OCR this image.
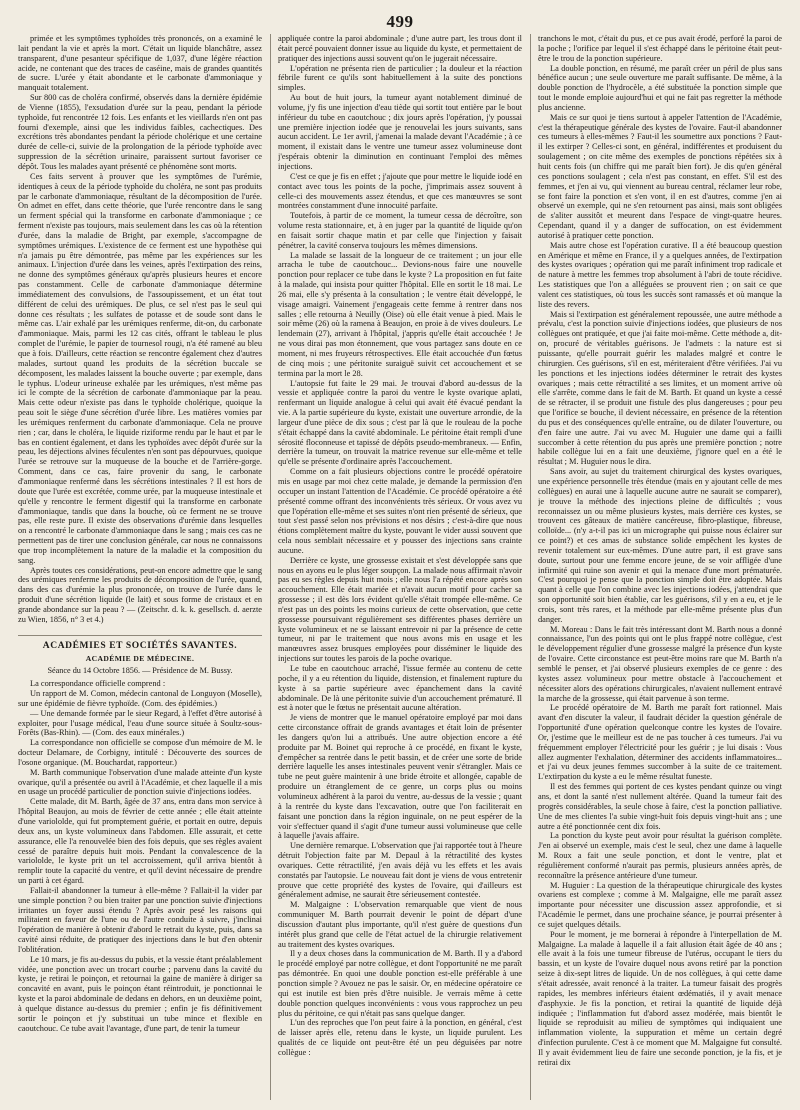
499

primée et les symptômes typhoïdes très prononcés, on a examiné le lait pendant la vie et après la mort. C'était un liquide blanchâtre, assez transparent, d'une pesanteur spécifique de 1,037, d'une légère réaction acide, ne contenant que des traces de caséine, mais de grandes quantités de sucre. L'urée y était abondante et le carbonate d'ammoniaque y manquait totalement.

Sur 800 cas de choléra confirmé, observés dans la dernière épidémie de Vienne (1855), l'exsudation d'urée sur la peau, pendant la période typhoïde, fut rencontrée 12 fois. Les enfants et les vieillards n'en ont pas fourni d'exemple, ainsi que les individus faibles, cachectiques. Des excrétions très abondantes pendant la période cholérique et une certaine durée de celle-ci, suivie de la prolongation de la période typhoïde avec suppression de la sécrétion urinaire, paraissent surtout favoriser ce dépôt. Tous les malades ayant présenté ce phénomène sont morts.

Ces faits servent à prouver que les symptômes de l'urémie, identiques à ceux de la période typhoïde du choléra, ne sont pas produits par le carbonate d'ammoniaque, résultant de la décomposition de l'urée. On admet en effet, dans cette théorie, que l'urée rencontre dans le sang un ferment spécial qui la transforme en carbonate d'ammoniaque ; ce ferment n'existe pas toujours, mais seulement dans les cas où la rétention d'urée, dans la maladie de Bright, par exemple, s'accompagne de symptômes urémiques. L'existence de ce ferment est une hypothèse qui n'a jamais pu être démontrée, pas même par les expériences sur les animaux. L'injection d'urée dans les veines, après l'extirpation des reins, ne donne des symptômes généraux qu'après plusieurs heures et encore pas constamment. Celle de carbonate d'ammoniaque détermine immédiatement des convulsions, de l'assoupissement, et un état tout différent de celui des urémiques. De plus, ce sel n'est pas le seul qui donne ces résultats ; les sulfates de potasse et de soude sont dans le même cas. L'air exhalé par les urémiques renferme, dit-on, du carbonate d'ammoniaque. Mais, parmi les 12 cas cités, offrant le tableau le plus complet de l'urémie, le papier de tournesol rougi, n'a été ramené au bleu que à fois. D'ailleurs, cette réaction se rencontre également chez d'autres malades, surtout quand les produits de la sécrétion buccale se décomposent, les malades laissent la bouche ouverte ; par exemple, dans le typhus. L'odeur urineuse exhalée par les urémiques, n'est même pas ici le compte de la sécrétion de carbonate d'ammoniaque par la peau. Mais cette odeur n'existe pas dans le typhoïde cholérique, quoique la peau soit le siège d'une sécrétion d'urée libre. Les matières vomies par les urémiques renferment du carbonate d'ammoniaque. Cela ne prouve rien ; car, dans le choléra, le liquide riziforme rendu par le haut et par le bas en contient également, et dans les typhoïdes avec dépôt d'urée sur la peau, les déjections alvines féculentes n'en sont pas dépourvues, quoique l'urée se retrouve sur la muqueuse de la bouche et de l'arrière-gorge. Comment, dans ce cas, faire provenir du sang, le carbonate d'ammoniaque renfermé dans les sécrétions intestinales ? Il est hors de doute que l'urée est excrétée, comme urée, par la muqueuse intestinale et qu'elle y rencontre le ferment digestif qui la transforme en carbonate d'ammoniaque, tandis que dans la bouche, où ce ferment ne se trouve pas, elle reste pure. Il existe des observations d'urémie dans lesquelles on a rencontré le carbonate d'ammoniaque dans le sang ; mais ces cas ne permettent pas de tirer une conclusion générale, car nous ne connaissons que trop incomplètement la nature de la maladie et la composition du sang.

Après toutes ces considérations, peut-on encore admettre que le sang des urémiques renferme les produits de décomposition de l'urée, quand, dans des cas d'urémie la plus prononcée, on trouve de l'urée dans le produit d'une sécrétion liquide (le lait) et sous forme de cristaux et en grande abondance sur la peau ? — (Zeitschr. d. k. k. gesellsch. d. aerzte zu Wien, 1856, n° 3 et 4.)

ACADÉMIES ET SOCIÉTÉS SAVANTES.
ACADÉMIE DE MÉDECINE.
Séance du 14 Octobre 1856. — Présidence de M. Bussy.

La correspondance officielle comprend :

Un rapport de M. Comon, médecin cantonal de Longuyon (Moselle), sur une épidémie de fièvre typhoïde. (Com. des épidémies.)

— Une demande formée par le sieur Regard, à l'effet d'être autorisé à exploiter, pour l'usage médical, l'eau d'une source située à Soultz-sous-Forêts (Bas-Rhin). — (Com. des eaux minérales.)

La correspondance non officielle se compose d'un mémoire de M. le docteur Delamare, de Corbigny, intitulé : Découverte des sources de l'osone organique. (M. Bouchardat, rapporteur.)

M. Barth communique l'observation d'une malade atteinte d'un kyste ovarique, qu'il a présentée ou avril à l'Académie, et chez laquelle il a mis en usage un procédé particulier de ponction suivie d'injections iodées.

Cette malade, dit M. Barth, âgée de 37 ans, entra dans mon service à l'hôpital Beaujon, au mois de février de cette année ; elle était atteinte d'une variololde, qui fut promptement guérie, et portait en outre, depuis deux ans, un kyste volumineux dans l'abdomen. Elle assurait, et cette assurance, elle l'a renouvelée bien des fois depuis, que ses règles avaient cessé de paraître depuis huit mois. Pendant la convalescence de la variololde, le kyste prit un tel accroissement, qu'il arriva bientôt à remplir toute la capacité du ventre, et qu'il devint nécessaire de prendre un parti à cet égard.

Fallait-il abandonner la tumeur à elle-même ? Fallait-il la vider par une simple ponction ? ou bien traiter par une ponction suivie d'injections irritantes un foyer aussi étendu ? Après avoir pesé les raisons qui militaient en faveur de l'une ou de l'autre conduite à suivre, j'inclinai l'opération de manière à obtenir d'abord le retrait du kyste, puis, dans sa cavité ainsi réduite, de pratiquer des injections dans le but d'en obtenir l'oblitération.

Le 10 mars, je fis au-dessus du pubis, et la vessie étant préalablement vidée, une ponction avec un trocart courbe ; parvenu dans la cavité du kyste, je retirai le poinçon, et retournai la gaine de manière à diriger sa concavité en avant, puis le poinçon étant réintroduit, je ponctionnai le kyste et la paroi abdominale de dedans en dehors, en un deuxième point, à quelque distance au-dessus du premier ; enfin je fis définitivement sortir le poinçon et j'y substituai un tube mince et flexible en caoutchouc. Ce tube avait l'avantage, d'une part, de tenir la tumeur

appliquée contre la paroi abdominale ; d'une autre part, les trous dont il était percé pouvaient donner issue au liquide du kyste, et permettaient de pratiquer des injections aussi souvent qu'on le jugerait nécessaire.

L'opération ne présenta rien de particulier ; la douleur et la réaction fébrile furent ce qu'ils sont habituellement à la suite des ponctions simples.

Au bout de huit jours, la tumeur ayant notablement diminué de volume, j'y fis une injection d'eau tiède qui sortit tout entière par le bout inférieur du tube en caoutchouc ; dix jours après l'opération, j'y poussai une première injection iodée que je renouvelai les jours suivants, sans aucun accident. Le 1er avril, j'amenai la malade devant l'Académie ; à ce moment, il existait dans le ventre une tumeur assez volumineuse dont j'espérais obtenir la diminution en continuant l'emploi des mêmes injections.

C'est ce que je fis en effet ; j'ajoute que pour mettre le liquide iodé en contact avec tous les points de la poche, j'imprimais assez souvent à celle-ci des mouvements assez étendus, et que ces manœuvres se sont montrées constamment d'une innocuité parfaite.

Toutefois, à partir de ce moment, la tumeur cessa de décroître, son volume resta stationnaire, et, à en juger par la quantité de liquide qu'on en faisait sortir chaque matin et par celle que l'injection y faisait pénétrer, la cavité conserva toujours les mêmes dimensions.

La malade se lassait de la longueur de ce traitement ; un jour elle arracha le tube de caoutchouc... Devions-nous faire une nouvelle ponction pour replacer ce tube dans le kyste ? La proposition en fut faite à la malade, qui insista pour quitter l'hôpital. Elle en sortit le 18 mai. Le 26 mai, elle s'y présenta à la consultation ; le ventre était développé, le visage amaigri. Vainement j'engageais cette femme à rentrer dans nos salles ; elle retourna à Neuilly (Oise) où elle était venue à pied. Mais le soir même (26) où la ramena à Beaujon, en proie à de vives douleurs. Le lendemain (27), arrivant à l'hôpital, j'appris qu'elle était accouchée ! Je ne vous dirai pas mon étonnement, que vous partagez sans doute en ce moment, ni mes fruyeurs rétrospectives. Elle était accouchée d'un fœtus de cinq mois ; une péritonite suraiguë suivit cet accouchement et se termina par la mort le 28.

L'autopsie fut faite le 29 mai. Je trouvai d'abord au-dessus de la vessie et appliquée contre la paroi du ventre le kyste ovarique aplati, renfermant un liquide analogue à celui qui avait été évacué pendant la vie. A la partie supérieure du kyste, existait une ouverture arrondie, de la largeur d'une pièce de dix sous ; c'est par là que le rouleau de la poche s'était échappé dans la cavité abdominale. Le péritoine était rempli d'une sérosité floconneuse et tapissé de dépôts pseudo-membraneux. — Enfin, derrière la tumeur, on trouvait la matrice revenue sur elle-même et telle qu'elle se présente d'ordinaire après l'accouchement.

Comme on a fait plusieurs objections contre le procédé opératoire mis en usage par moi chez cette malade, je demande la permission d'en occuper un instant l'attention de l'Académie. Ce procédé opératoire a été présenté comme offrant des inconvénients très sérieux. Or vous avez vu que l'opération elle-même et ses suites n'ont rien présenté de sérieux, que tout s'est passé selon nos prévisions et nos désirs ; c'est-à-dire que nous étions complètement maître du kyste, pouvant le vider aussi souvent que cela nous semblait nécessaire et y pousser des injections sans crainte aucune.

Derrière ce kyste, une grossesse existait et s'est développée sans que nous en ayons eu le plus léger soupçon. La malade nous affirmait n'avoir pas eu ses règles depuis huit mois ; elle nous l'a répété encore après son accouchement. Elle était mariée et n'avait aucun motif pour cacher sa grossesse ; il est dès lors évident qu'elle s'était trompée elle-même. Ce n'est pas un des points les moins curieux de cette observation, que cette grossesse poursuivant régulièrement ses différentes phases derrière un kyste volumineux et ne se laissant entrevoir ni par la présence de cette tumeur, ni par le traitement que nous avons mis en usage et les manœuvres assez brusques employées pour disséminer le liquide des injections sur toutes les parois de la poche ovarique.

Le tube en caoutchouc arraché, l'issue fermée au contenu de cette poche, il y a eu rétention du liquide, distension, et finalement rupture du kyste à sa partie supérieure avec épanchement dans la cavité abdominale. De là une péritonite suivie d'un accouchement prématuré. Il est à noter que le fœtus ne présentait aucune altération.

Je viens de montrer que le manuel opératoire employé par moi dans cette circonstance offrait de grands avantages et était loin de présenter les dangers qu'on lui a attribués. Une autre objection encore a été produite par M. Boinet qui reproche à ce procédé, en fixant le kyste, d'empêcher sa rentrée dans le petit bassin, et de créer une sorte de bride derrière laquelle les anses intestinales peuvent venir s'étrangler. Mais ce tube ne peut guère maintenir à une bride étroite et allongée, capable de produire un étranglement de ce genre, un corps plus ou moins volumineux adhérent à la paroi du ventre, au-dessus de la vessie ; quant à la rentrée du kyste dans l'excavation, outre que l'on faciliterait en faisant une ponction dans la région inguinale, on ne peut espérer de la voir s'effectuer quand il s'agit d'une tumeur aussi volumineuse que celle à laquelle j'avais affaire.

Une dernière remarque. L'observation que j'ai rapportée tout à l'heure détruit l'objection faite par M. Depaul à la rétractilité des kystes ovariques. Cette rétractilité, j'en avais déjà vu les effets et les avais constatés par l'autopsie. Le nouveau fait dont je viens de vous entretenir prouve que cette propriété des kystes de l'ovaire, qui d'ailleurs est généralement admise, ne saurait être sérieusement contestée.

M. Malgaigne : L'observation remarquable que vient de nous communiquer M. Barth pourrait devenir le point de départ d'une discussion d'autant plus importante, qu'il n'est guère de questions d'un intérêt plus grand que celle de l'état actuel de la chirurgie relativement au traitement des kystes ovariques.

Il y a deux choses dans la communication de M. Barth. Il y a d'abord le procédé employé par notre collègue, et dont l'opportunité ne me paraît pas démontrée. En quoi une double ponction est-elle préférable à une ponction simple ? Avouez ne pas le saisir. Or, en médecine opératoire ce qui est inutile est bien près d'être nuisible. Je verrais même à cette double ponction quelques inconvénients : vous vous rapprochez un peu plus du péritoine, ce qui n'était pas sans quelque danger.

L'un des reproches que l'on peut faire à la ponction, en général, c'est de laisser après elle, retenu dans le kyste, un liquide purulent. Les qualités de ce liquide ont peut-être été un peu déguisées par notre collègue :

tranchons le mot, c'était du pus, et ce pus avait érodé, perforé la paroi de la poche ; l'orifice par lequel il s'est échappé dans le péritoine était peut-être le trou de la ponction supérieure.

La double ponction, en résumé, me paraît créer un péril de plus sans bénéfice aucun ; une seule ouverture me paraît suffisante. De même, à la double ponction de l'hydrocèle, a été substituée la ponction simple que tout le monde emploie aujourd'hui et qui ne fait pas regretter la méthode plus ancienne.

Mais ce sur quoi je tiens surtout à appeler l'attention de l'Académie, c'est la thérapeutique générale des kystes de l'ovaire. Faut-il abandonner ces tumeurs à elles-mêmes ? Faut-il les soumettre aux ponctions ? Faut-il les extirper ? Celles-ci sont, en général, indifférentes et produisent du soulagement ; on cite même des exemples de ponctions répétées six à huit cents fois (un chiffre qui me paraît bien fort). Je dis qu'en général ces ponctions soulagent ; cela n'est pas constant, en effet. S'il est des femmes, et j'en ai vu, qui viennent au bureau central, réclamer leur robe, se font faire la ponction et s'en vont, il en est d'autres, comme j'en ai observé un exemple, qui ne s'en retournent pas ainsi, mais sont obligées de s'aliter aussitôt et meurent dans l'espace de vingt-quatre heures. Cependant, quand il y a danger de suffocation, on est évidemment autorisé à pratiquer cette ponction.

Mais autre chose est l'opération curative. Il a été beaucoup question en Amérique et même en France, il y a quelques années, de l'extirpation des kystes ovariques ; opération qui me paraît infiniment trop radicale et de nature à mettre les femmes trop absolument à l'abri de toute récidive. Les statistiques que l'on a alléguées se prouvent rien ; on sait ce que valent ces statistiques, où tous les succès sont ramassés et où manque la liste des revers.

Mais si l'extirpation est généralement repoussée, une autre méthode a prévalu, c'est la ponction suivie d'injections iodées, que plusieurs de nos collègues ont pratiquée, et que j'ai faite moi-même. Cette méthode a, dit-on, procuré de véritables guérisons. Je l'admets : la nature est si puissante, qu'elle pourrait guérir les malades malgré et contre le chirurgien. Ces guérisons, s'il en est, mériteraient d'être vérifiées. J'ai vu les ponctions et les injections iodées déterminer le retrait des kystes ovariques ; mais cette rétractilité a ses limites, et un moment arrive où elle s'arrête, comme dans le fait de M. Barth. Et quand un kyste a cessé de se rétracter, il se produit une fistule des plus dangereuses ; pour peu que l'orifice se bouche, il devient nécessaire, en présence de la rétention du pus et des conséquences qu'elle entraîne, ou de dilater l'ouverture, ou d'en faire une autre. J'ai vu avec M. Huguier une dame qui a failli succomber à cette rétention du pus après une première ponction ; notre habile collègue lui en a fait une deuxième, j'ignore quel en a été le résultat ; M. Huguier nous le dira.

Sans avoir, au sujet du traitement chirurgical des kystes ovariques, une expérience personnelle très étendue (mais en y ajoutant celle de mes collègues) en aurai une à laquelle aucune autre ne saurait se comparer), je trouve la méthode des injections pleine de difficultés ; vous reconnaissez un ou même plusieurs kystes, mais derrière ces kystes, se trouvent ces gâteaux de matière cancéreuse, fibro-plastique, fibreuse, colloïde... (n'y a-t-il pas ici un micrographe qui puisse nous éclairer sur ce point?) et ces amas de substance solide empêchent les kystes de revenir totalement sur eux-mêmes. D'une autre part, il est grave sans doute, surtout pour une femme encore jeune, de se voir affligée d'une infirmité qui ruine son avenir et qui la menace d'une mort prématurée. C'est pourquoi je pense que la ponction simple doit être adoptée. Mais quant à celle que l'on combine avec les injections iodées, j'attendrai que son opportunité soit bien établie, car les guérisons, s'il y en a eu, et je le crois, sont très rares, et la méthode par elle-même présente plus d'un danger.

M. Moreau : Dans le fait très intéressant dont M. Barth nous a donné connaissance, l'un des points qui ont le plus frappé notre collègue, c'est le développement régulier d'une grossesse malgré la présence d'un kyste de l'ovaire. Cette circonstance est peut-être moins rare que M. Barth n'a semblé le penser, et j'ai observé plusieurs exemples de ce genre : des kystes assez volumineux pour mettre obstacle à l'accouchement et nécessiter alors des opérations chirurgicales, n'avaient nullement entravé la marche de la grossesse, qui était parvenue à son terme.

Le procédé opératoire de M. Barth me paraît fort rationnel. Mais avant d'en discuter la valeur, il faudrait décider la question générale de l'opportunité d'une opération quelconque contre les kystes de l'ovaire. Or, j'estime que le meilleur est de ne pas toucher à ces tumeurs. J'ai vu fréquemment employer l'électricité pour les guérir ; je lui disais : Vous allez augmenter l'exhalation, déterminer des accidents inflammatoires... et j'ai vu deux jeunes femmes succomber à la suite de ce traitement. L'extirpation du kyste a eu le même résultat funeste.

Il est des femmes qui portent de ces kystes pendant quinze ou vingt ans, et dont la santé n'est nullement altérée. Quand la tumeur fait des progrès considérables, la seule chose à faire, c'est la ponction palliative. Une de mes clientes l'a subie vingt-huit fois depuis vingt-huit ans ; une autre a été ponctionnée cent dix fois.

La ponction du kyste peut avoir pour résultat la guérison complète. J'en ai observé un exemple, mais c'est le seul, chez une dame à laquelle M. Roux a fait une seule ponction, et dont le ventre, plat et régulièrement conformé n'aurait pas permis, plusieurs années après, de reconnaître la présence antérieure d'une tumeur.

M. Huguier : La question de la thérapeutique chirurgicale des kystes ovariens est complexe ; comme à M. Malgaigne, elle me paraît assez importante pour nécessiter une discussion assez approfondie, et si l'Académie le permet, dans une prochaine séance, je pourrai présenter à ce sujet quelques détails.

Pour le moment, je me bornerai à répondre à l'interpellation de M. Malgaigne. La malade à laquelle il a fait allusion était âgée de 40 ans ; elle avait à la fois une tumeur fibreuse de l'utérus, occupant le tiers du bassin, et un kyste de l'ovaire duquel nous avons retiré par la ponction seize à dix-sept litres de liquide. Un de nos collègues, à qui cette dame s'était adressée, avait renoncé à la traiter. La tumeur faisait des progrès rapides, les membres inférieurs étaient œdématiés, il y avait menace d'asphyxie. Je fis la ponction, et retirai la quantité de liquide déjà indiquée ; l'inflammation fut d'abord assez modérée, mais bientôt le liquide se reproduisit au milieu de symptômes qui indiquaient une inflammation violente, la suppuration et même un certain degré d'infection purulente. C'est à ce moment que M. Malgaigne fut consulté. Il y avait évidemment lieu de faire une seconde ponction, je la fis, et je retirai dix
